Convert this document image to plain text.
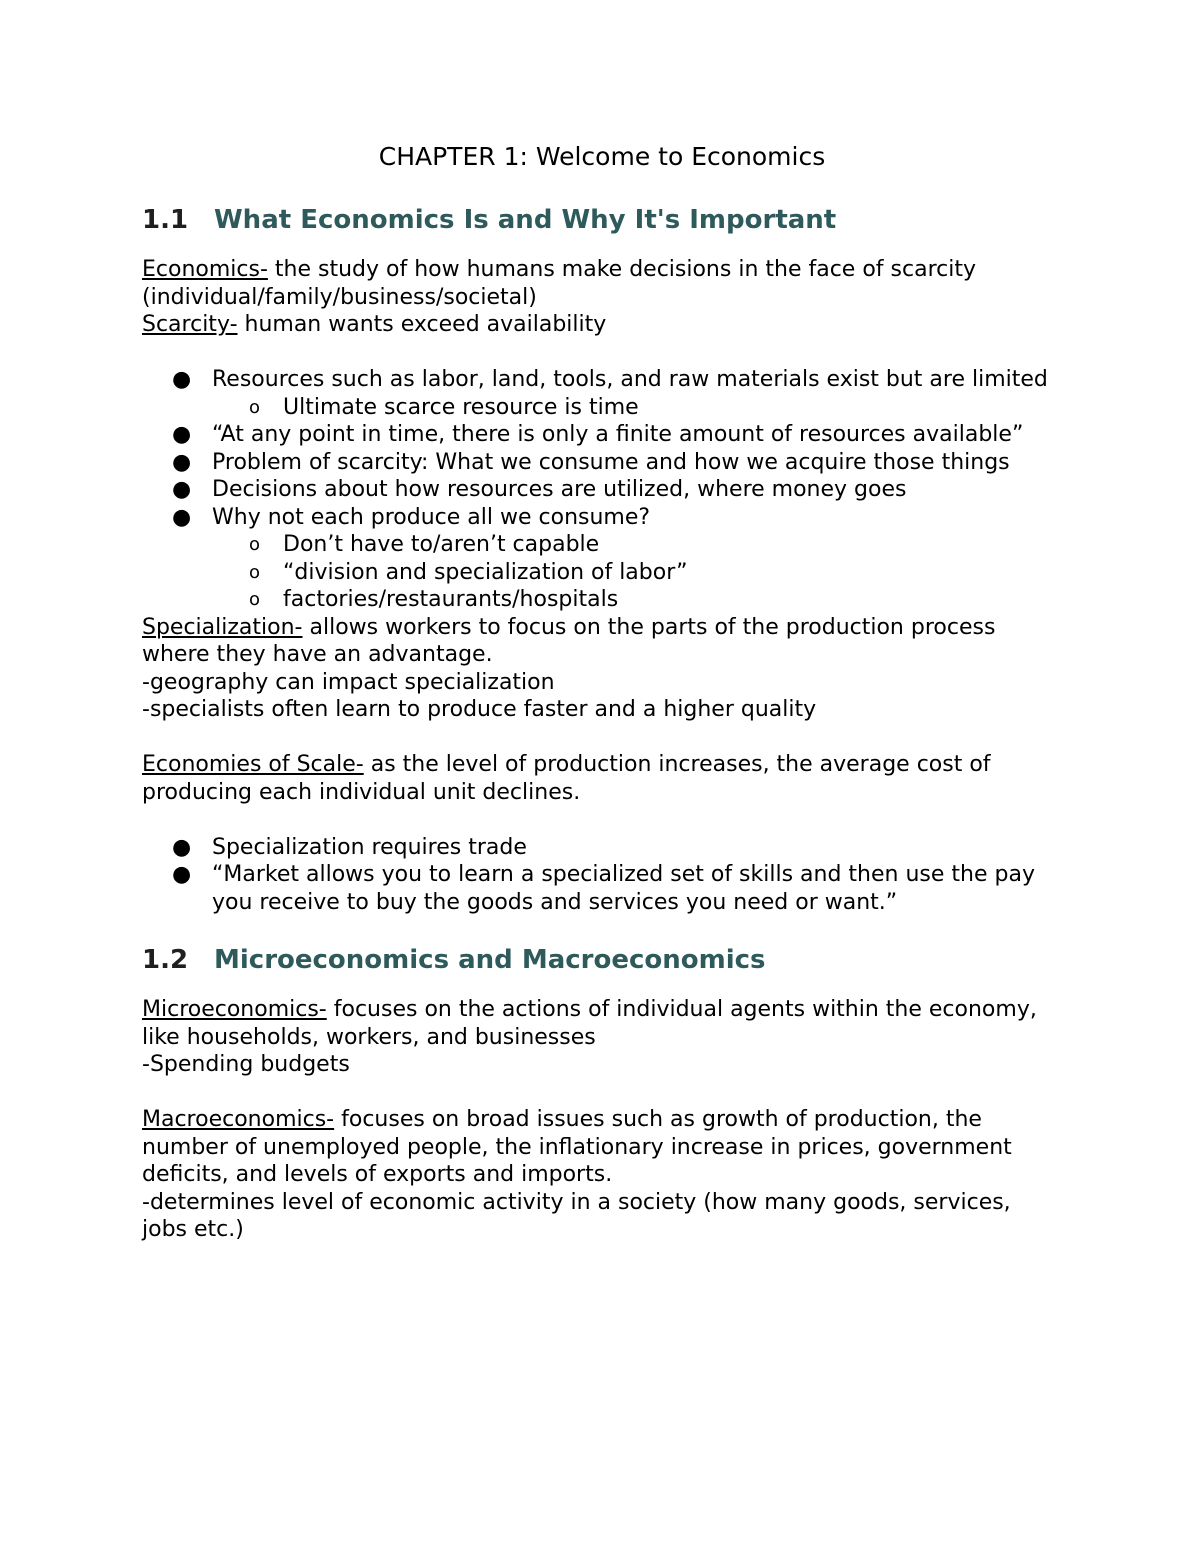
CHAPTER 1: Welcome to Economics
1.1 What Economics Is and Why It's Important

Economics- the study of how humans make decisions in the face of scarcity (individual/family/business/societal)

Scarcity- human wants exceed availability

● Resources such as labor, land, tools, and raw materials exist but are limited
o Ultimate scarce resource is time
● “At any point in time, there is only a finite amount of resources available”
● Problem of scarcity: What we consume and how we acquire those things
● Decisions about how resources are utilized, where money goes
● Why not each produce all we consume?
o Don’t have to/aren’t capable
o “division and specialization of labor”
o factories/restaurants/hospitals

Specialization- allows workers to focus on the parts of the production process where they have an advantage.

-geography can impact specialization

-specialists often learn to produce faster and a higher quality

Economies of Scale- as the level of production increases, the average cost of producing each individual unit declines.

● Specialization requires trade
● “Market allows you to learn a specialized set of skills and then use the pay you receive to buy the goods and services you need or want.”
1.2 Microeconomics and Macroeconomics

Microeconomics- focuses on the actions of individual agents within the economy, like households, workers, and businesses

-Spending budgets

Macroeconomics- focuses on broad issues such as growth of production, the number of unemployed people, the inflationary increase in prices, government deficits, and levels of exports and imports.

-determines level of economic activity in a society (how many goods, services, jobs etc.)
